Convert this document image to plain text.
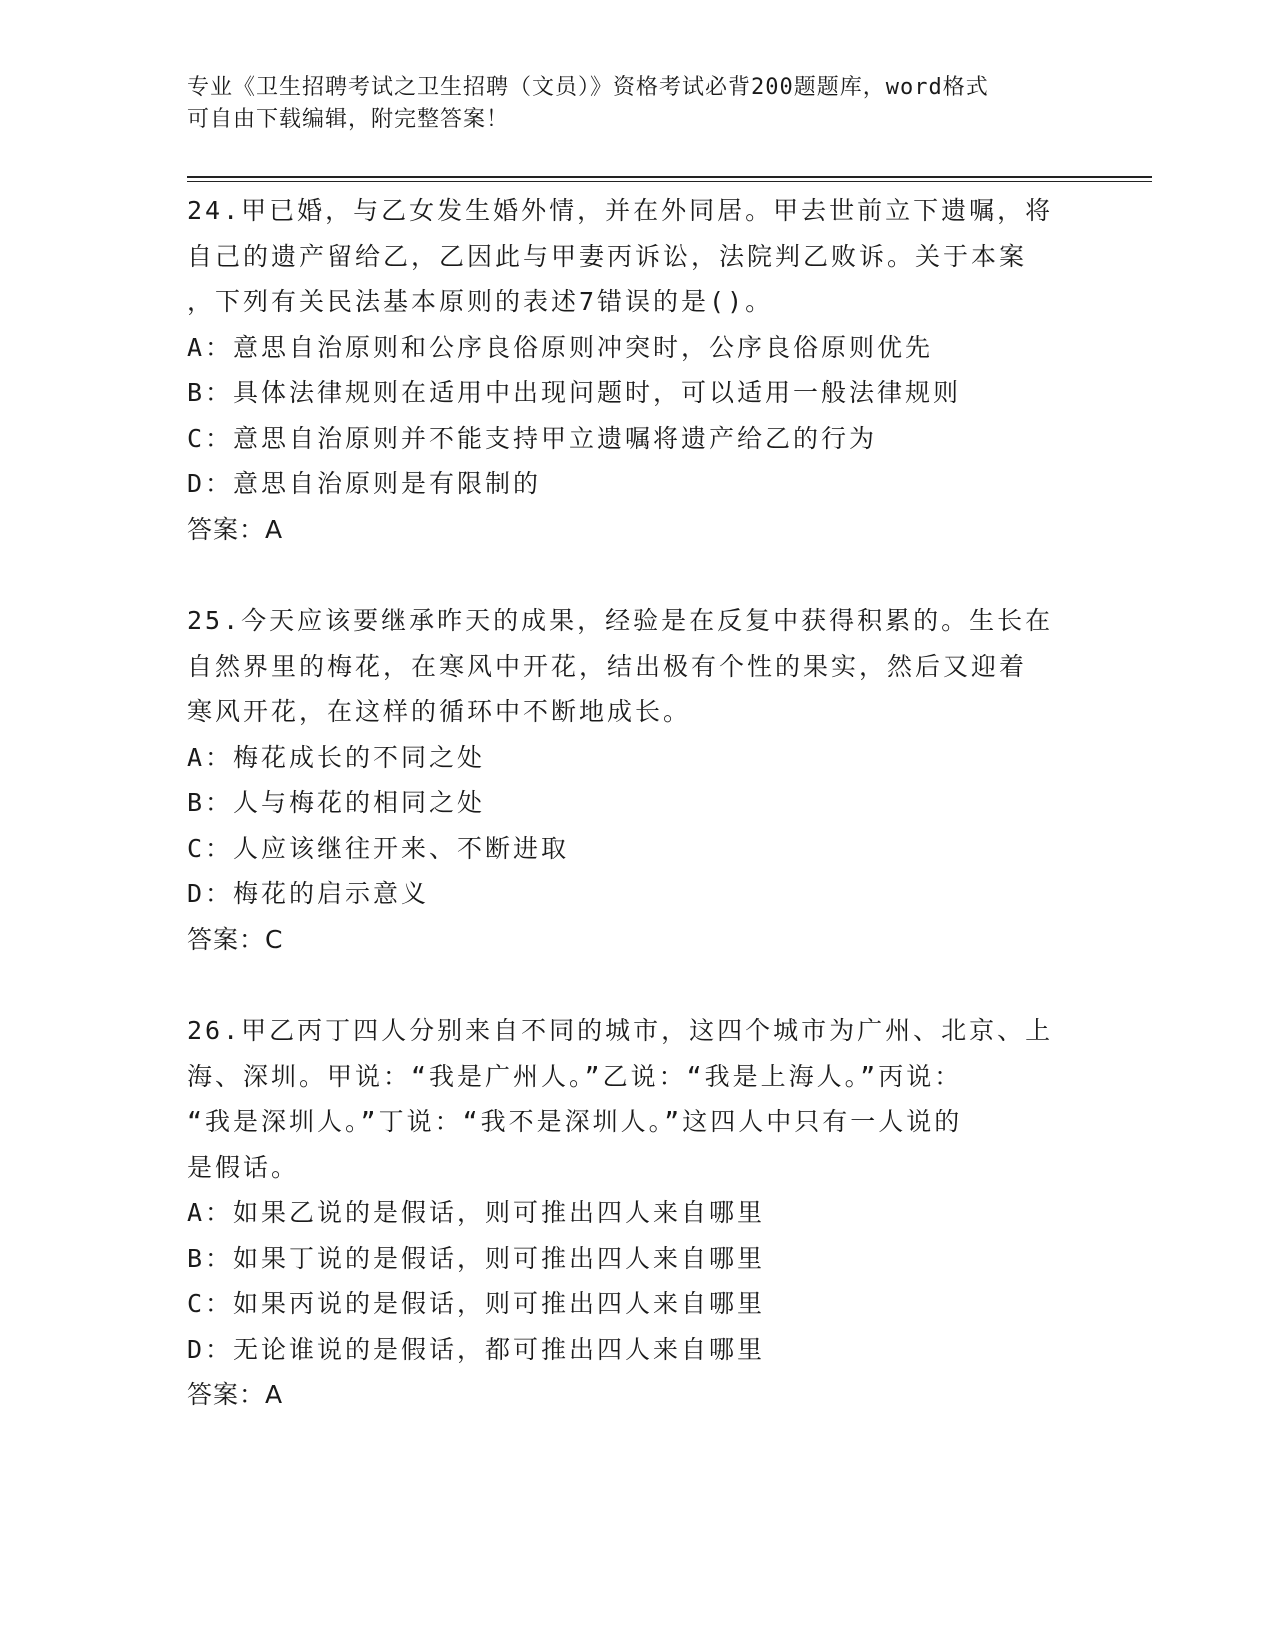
专业《卫生招聘考试之卫生招聘（文员）》资格考试必背200题题库，word格式
可自由下载编辑，附完整答案！
24.甲已婚，与乙女发生婚外情，并在外同居。甲去世前立下遗嘱，将
自己的遗产留给乙，乙因此与甲妻丙诉讼，法院判乙败诉。关于本案
，下列有关民法基本原则的表述7错误的是()。
A：意思自治原则和公序良俗原则冲突时，公序良俗原则优先
B：具体法律规则在适用中出现问题时，可以适用一般法律规则
C：意思自治原则并不能支持甲立遗嘱将遗产给乙的行为
D：意思自治原则是有限制的
答案：A
25.今天应该要继承昨天的成果，经验是在反复中获得积累的。生长在
自然界里的梅花，在寒风中开花，结出极有个性的果实，然后又迎着
寒风开花，在这样的循环中不断地成长。
A：梅花成长的不同之处
B：人与梅花的相同之处
C：人应该继往开来、不断进取
D：梅花的启示意义
答案：C
26.甲乙丙丁四人分别来自不同的城市，这四个城市为广州、北京、上
海、深圳。甲说：“我是广州人。”乙说：“我是上海人。”丙说：
“我是深圳人。”丁说：“我不是深圳人。”这四人中只有一人说的
是假话。
A：如果乙说的是假话，则可推出四人来自哪里
B：如果丁说的是假话，则可推出四人来自哪里
C：如果丙说的是假话，则可推出四人来自哪里
D：无论谁说的是假话，都可推出四人来自哪里
答案：A
